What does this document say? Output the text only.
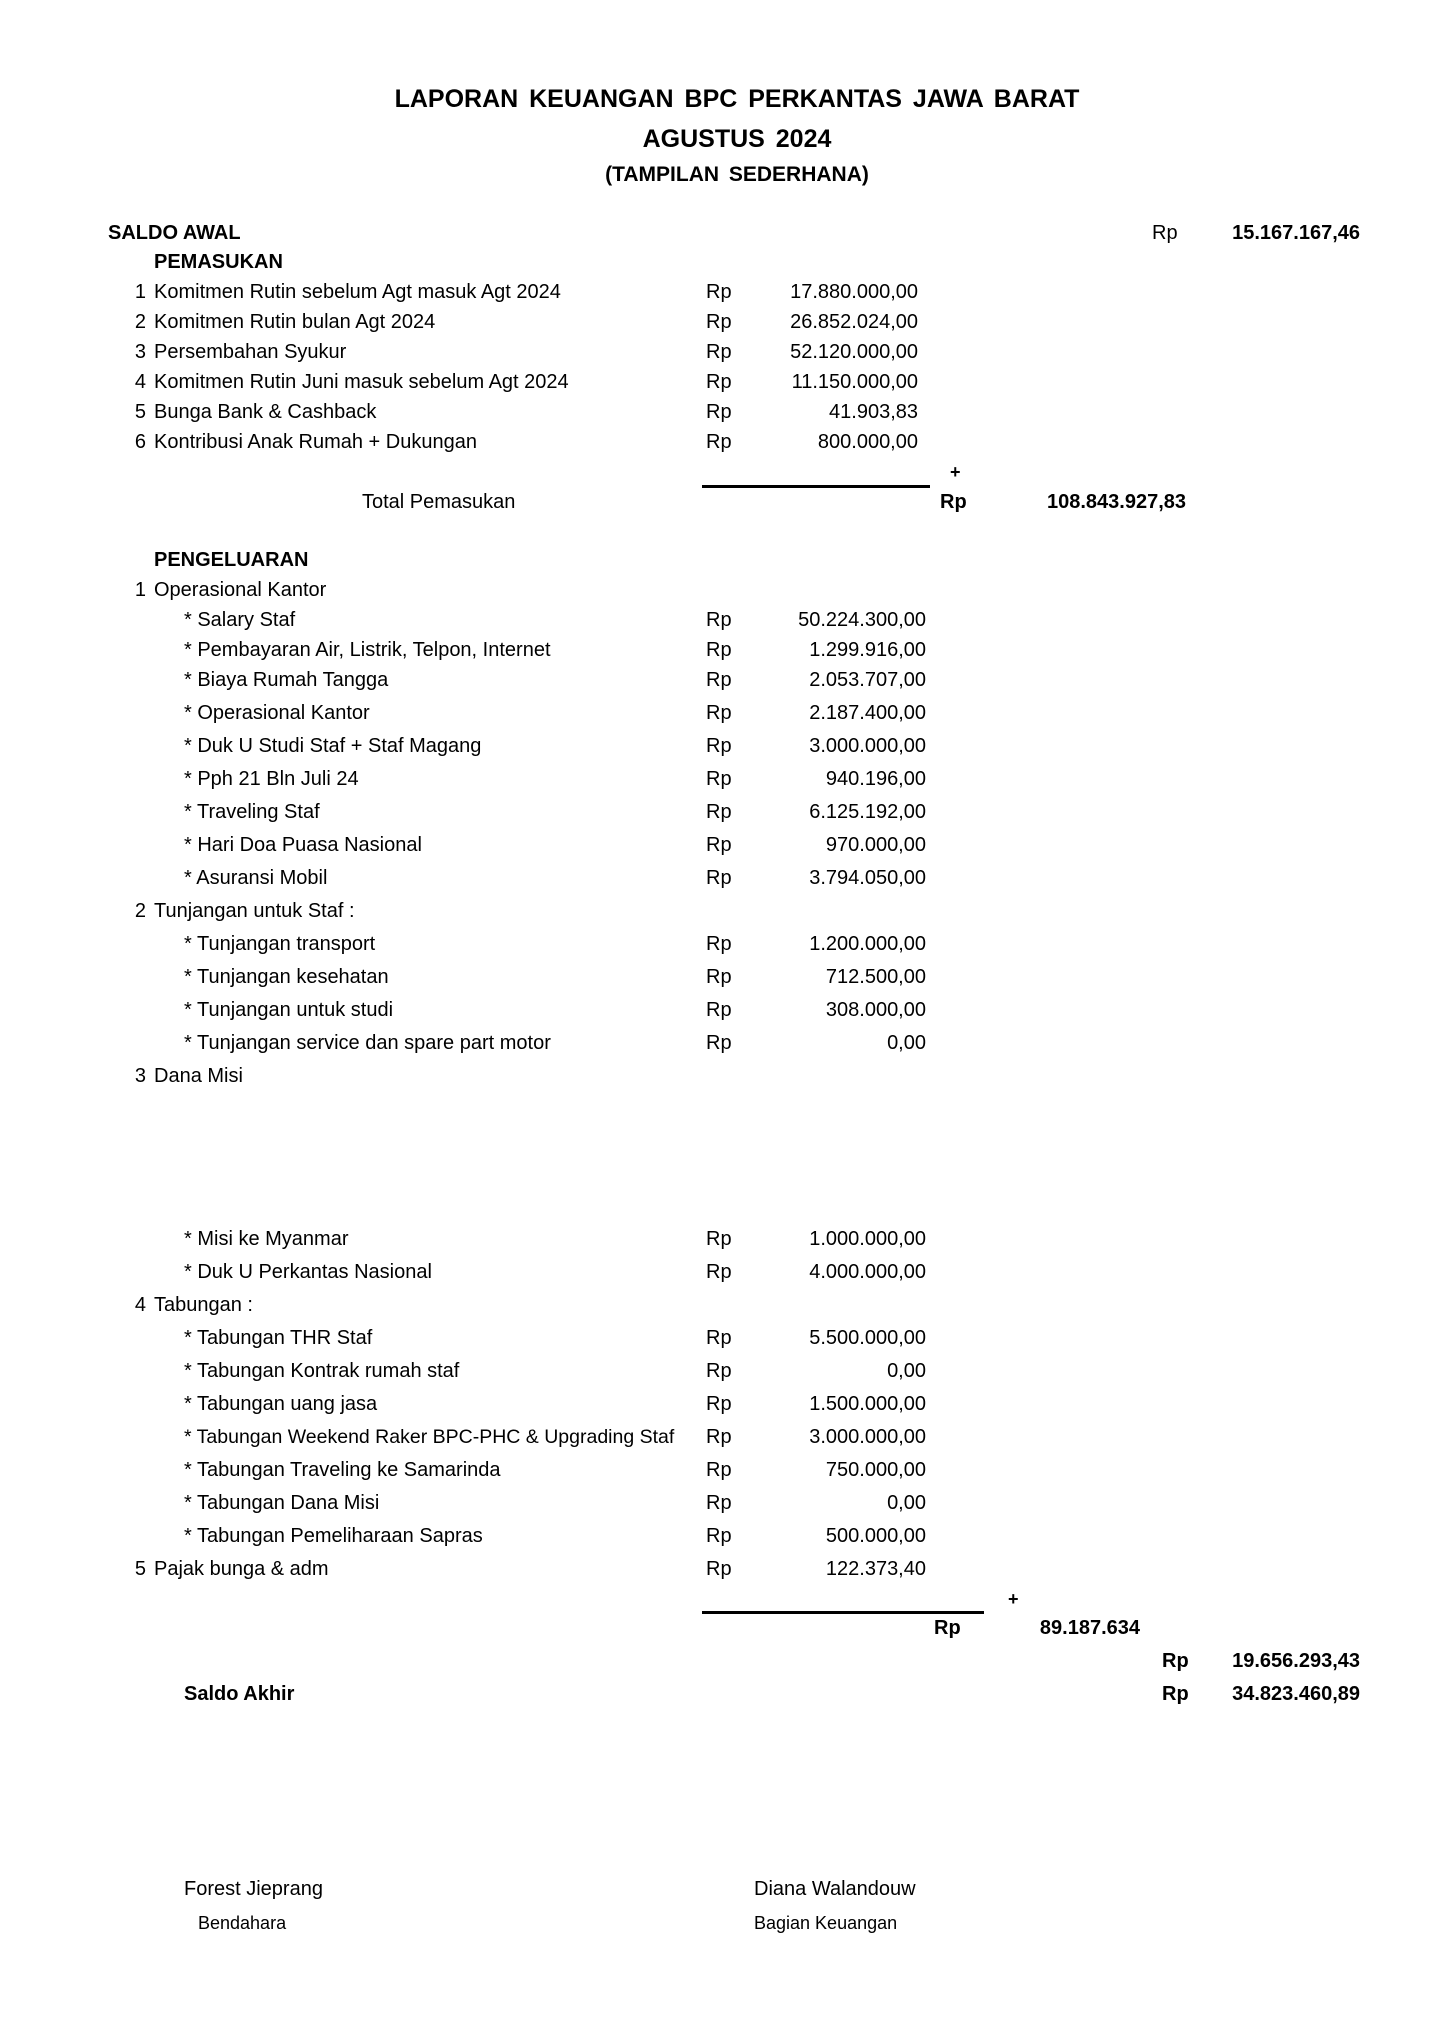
LAPORAN KEUANGAN BPC PERKANTAS JAWA BARAT
AGUSTUS 2024
(TAMPILAN SEDERHANA)
SALDO AWAL	Rp	15.167.167,46
PEMASUKAN
1 Komitmen Rutin sebelum Agt masuk Agt 2024	Rp	17.880.000,00
2 Komitmen Rutin bulan Agt 2024	Rp	26.852.024,00
3 Persembahan Syukur	Rp	52.120.000,00
4 Komitmen Rutin Juni masuk sebelum Agt 2024	Rp	11.150.000,00
5 Bunga Bank & Cashback	Rp	41.903,83
6 Kontribusi Anak Rumah + Dukungan	Rp	800.000,00
+
Total Pemasukan	Rp	108.843.927,83
PENGELUARAN
1 Operasional Kantor
* Salary Staf	Rp	50.224.300,00
* Pembayaran Air, Listrik, Telpon, Internet	Rp	1.299.916,00
* Biaya Rumah Tangga	Rp	2.053.707,00
* Operasional Kantor	Rp	2.187.400,00
* Duk U Studi Staf + Staf Magang	Rp	3.000.000,00
* Pph 21 Bln Juli 24	Rp	940.196,00
* Traveling Staf	Rp	6.125.192,00
* Hari Doa Puasa Nasional	Rp	970.000,00
* Asuransi Mobil	Rp	3.794.050,00
2 Tunjangan untuk Staf :
* Tunjangan transport	Rp	1.200.000,00
* Tunjangan kesehatan	Rp	712.500,00
* Tunjangan untuk studi	Rp	308.000,00
* Tunjangan service dan spare part motor	Rp	0,00
3 Dana Misi
* Misi ke Myanmar	Rp	1.000.000,00
* Duk U Perkantas Nasional	Rp	4.000.000,00
4 Tabungan :
* Tabungan THR Staf	Rp	5.500.000,00
* Tabungan Kontrak rumah staf	Rp	0,00
* Tabungan uang jasa	Rp	1.500.000,00
* Tabungan Weekend Raker BPC-PHC & Upgrading Staf Rp	3.000.000,00
* Tabungan Traveling ke Samarinda	Rp	750.000,00
* Tabungan Dana Misi	Rp	0,00
* Tabungan Pemeliharaan Sapras	Rp	500.000,00
5 Pajak bunga & adm	Rp	122.373,40
+
Rp	89.187.634
Rp	19.656.293,43
Saldo Akhir	Rp	34.823.460,89
Forest Jieprang
Bendahara
Diana Walandouw
Bagian Keuangan
